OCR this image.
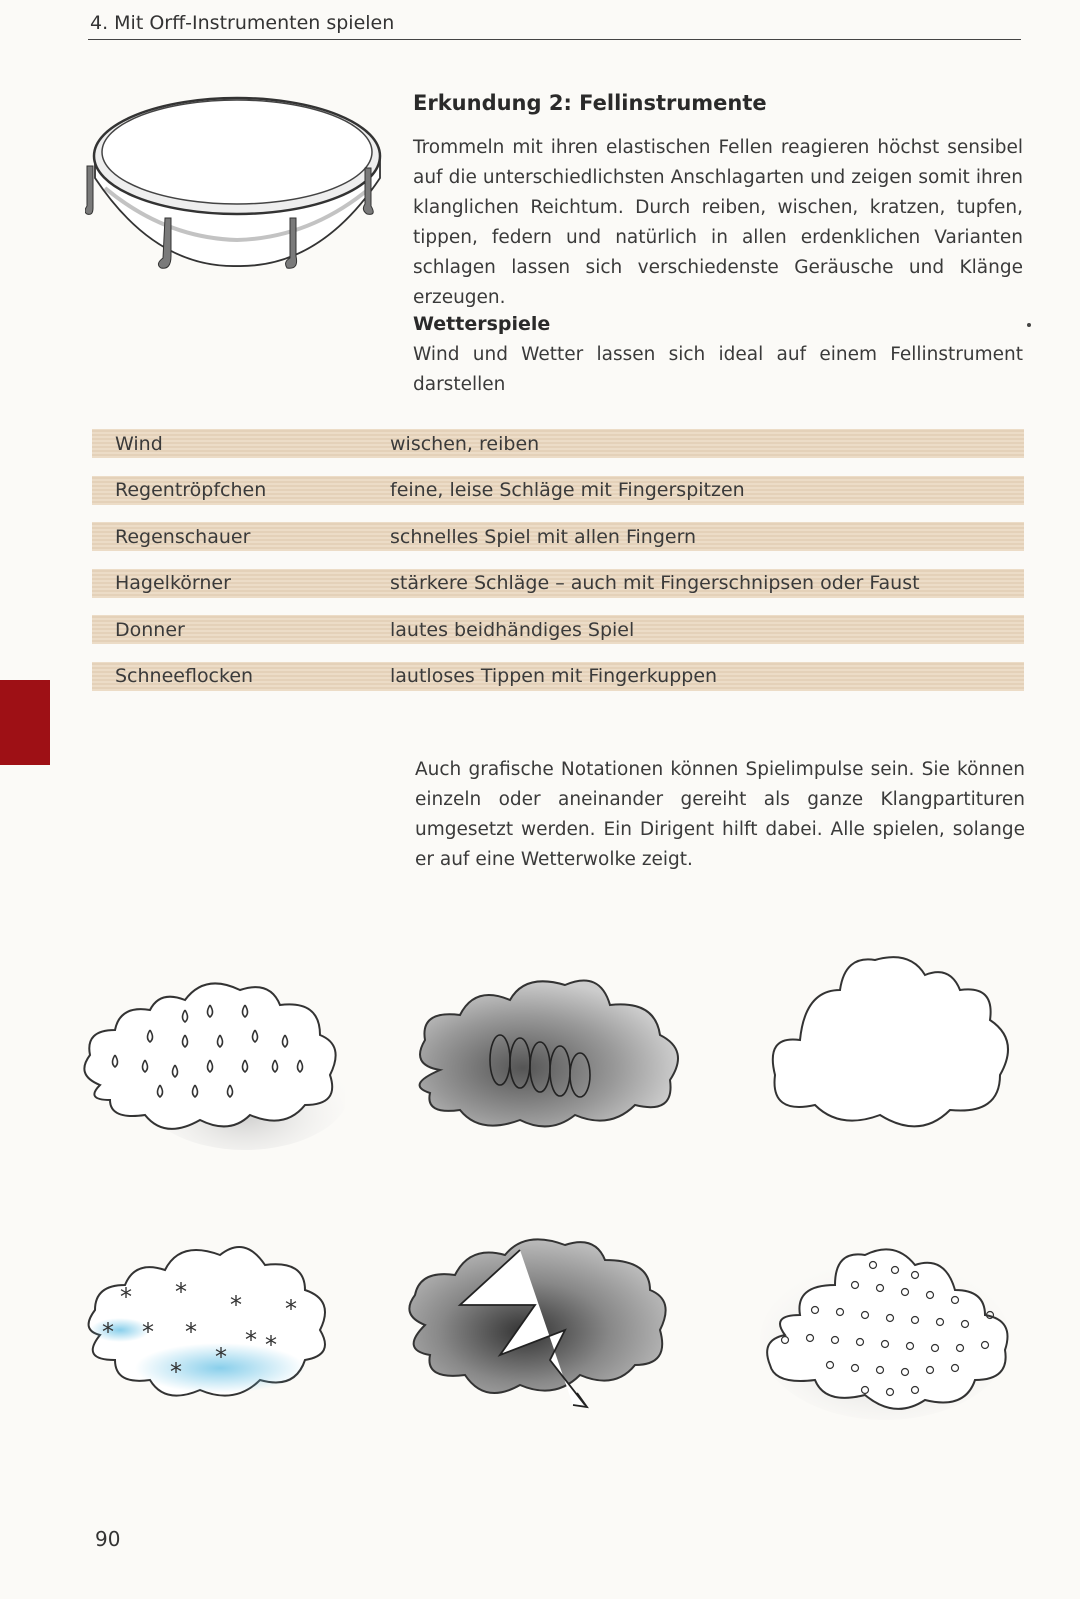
4. Mit Orff-Instrumenten spielen
Erkundung 2: Fellinstrumente

Trommeln mit ihren elastischen Fellen reagieren höchst sensibel auf die unterschiedlichsten Anschlagarten und zeigen somit ihren klanglichen Reichtum. Durch reiben, wischen, kratzen, tupfen, tippen, federn und natürlich in allen erdenklichen Varianten schlagen lassen sich verschiedenste Geräusche und Klänge erzeugen.

Wetterspiele

Wind und Wetter lassen sich ideal auf einem Fellinstrument darstellen

Wind	wischen, reiben
Regentröpfchen	feine, leise Schläge mit Fingerspitzen
Regenschauer	schnelles Spiel mit allen Fingern
Hagelkörner	stärkere Schläge – auch mit Fingerschnipsen oder Faust
Donner	lautes beidhändiges Spiel
Schneeflocken	lautloses Tippen mit Fingerkuppen

Auch grafische Notationen können Spielimpulse sein. Sie können einzeln oder aneinander gereiht als ganze Klangpartituren umgesetzt werden. Ein Dirigent hilft dabei. Alle spielen, solange er auf eine Wetterwolke zeigt.

* * * *
* * * *
*
* *
90
